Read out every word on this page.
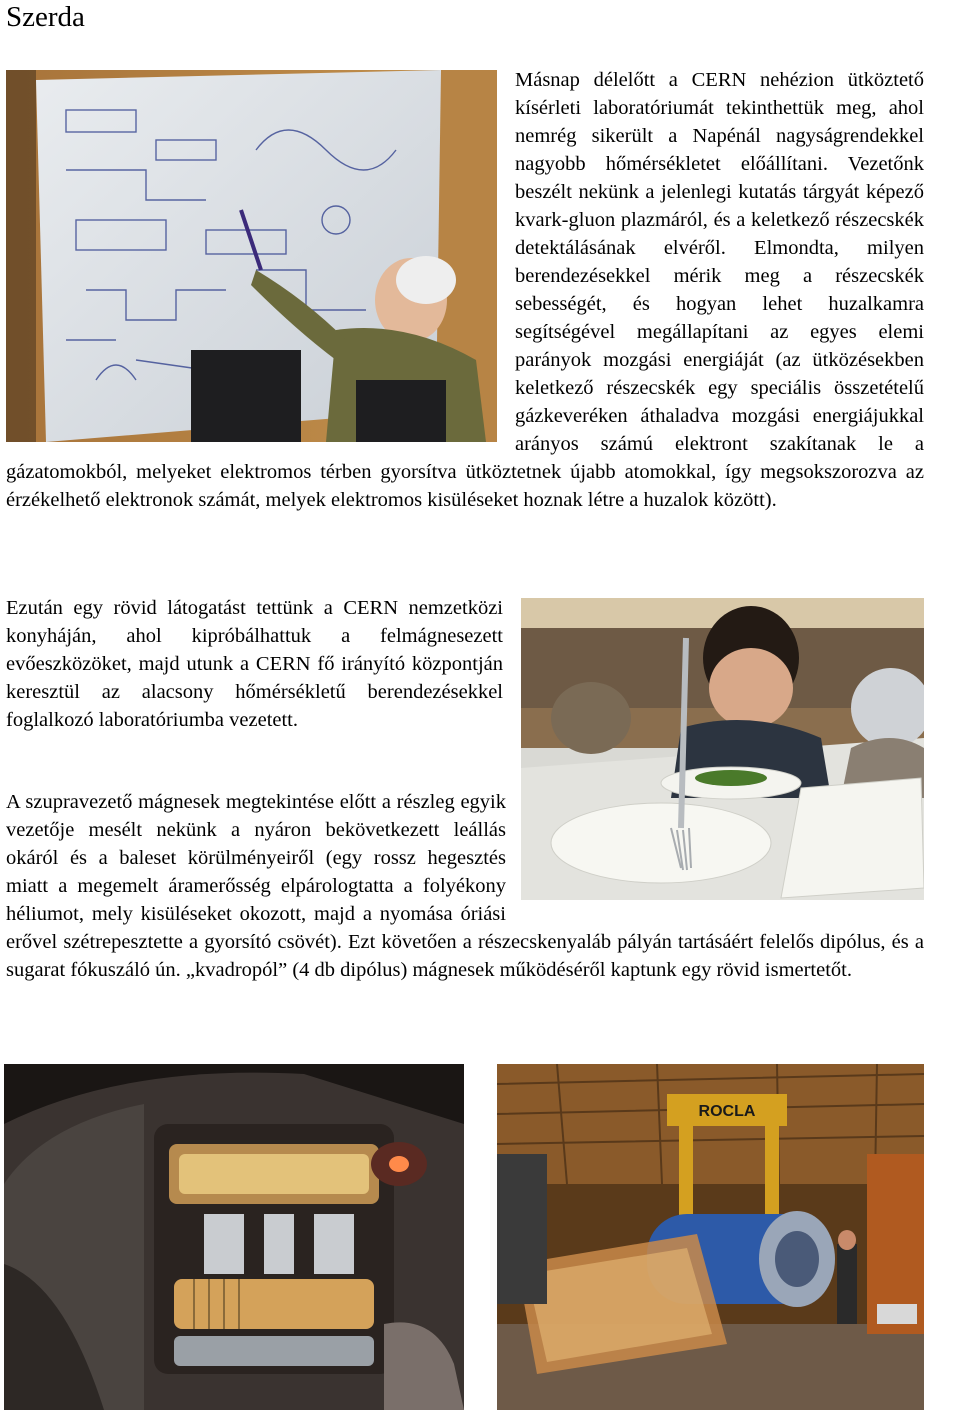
Szerda

Másnap délelőtt a CERN nehézion ütköztető kísérleti laboratóriumát tekinthettük meg, ahol nemrég sikerült a Napénál nagyságrendekkel nagyobb hőmérsékletet előállítani. Vezetőnk beszélt nekünk a jelenlegi kutatás tárgyát képező kvark-gluon plazmáról, és a keletkező részecskék detektálásának elvéről. Elmondta, milyen berendezésekkel mérik meg a részecskék sebességét, és hogyan lehet huzalkamra segítségével megállapítani az egyes elemi parányok mozgási energiáját (az ütközésekben keletkező részecskék egy speciális összetételű gázkeveréken áthaladva mozgási energiájukkal arányos számú elektront szakítanak le a gázatomokból, melyeket elektromos térben gyorsítva ütköztetnek újabb atomokkal, így megsokszorozva az érzékelhető elektronok számát, melyek elektromos kisüléseket hoznak létre a huzalok között).

Ezután egy rövid látogatást tettünk a CERN nemzetközi konyháján, ahol kipróbálhattuk a felmágnesezett evőeszközöket, majd utunk a CERN fő irányító központján keresztül az alacsony hőmérsékletű berendezésekkel foglalkozó laboratóriumba vezetett.

A szupravezető mágnesek megtekintése előtt a részleg egyik vezetője mesélt nekünk a nyáron bekövetkezett leállás okáról és a baleset körülményeiről (egy rossz hegesztés miatt a megemelt áramerősség elpárologtatta a folyékony héliumot, mely kisüléseket okozott, majd a nyomása óriási erővel szétrepesztette a gyorsító csövét). Ezt követően a részecskenyaláb pályán tartásáért felelős dipólus, és a sugarat fókuszáló ún. „kvadropól” (4 db dipólus) mágnesek működéséről kaptunk egy rövid ismertetőt.

ROCLA
